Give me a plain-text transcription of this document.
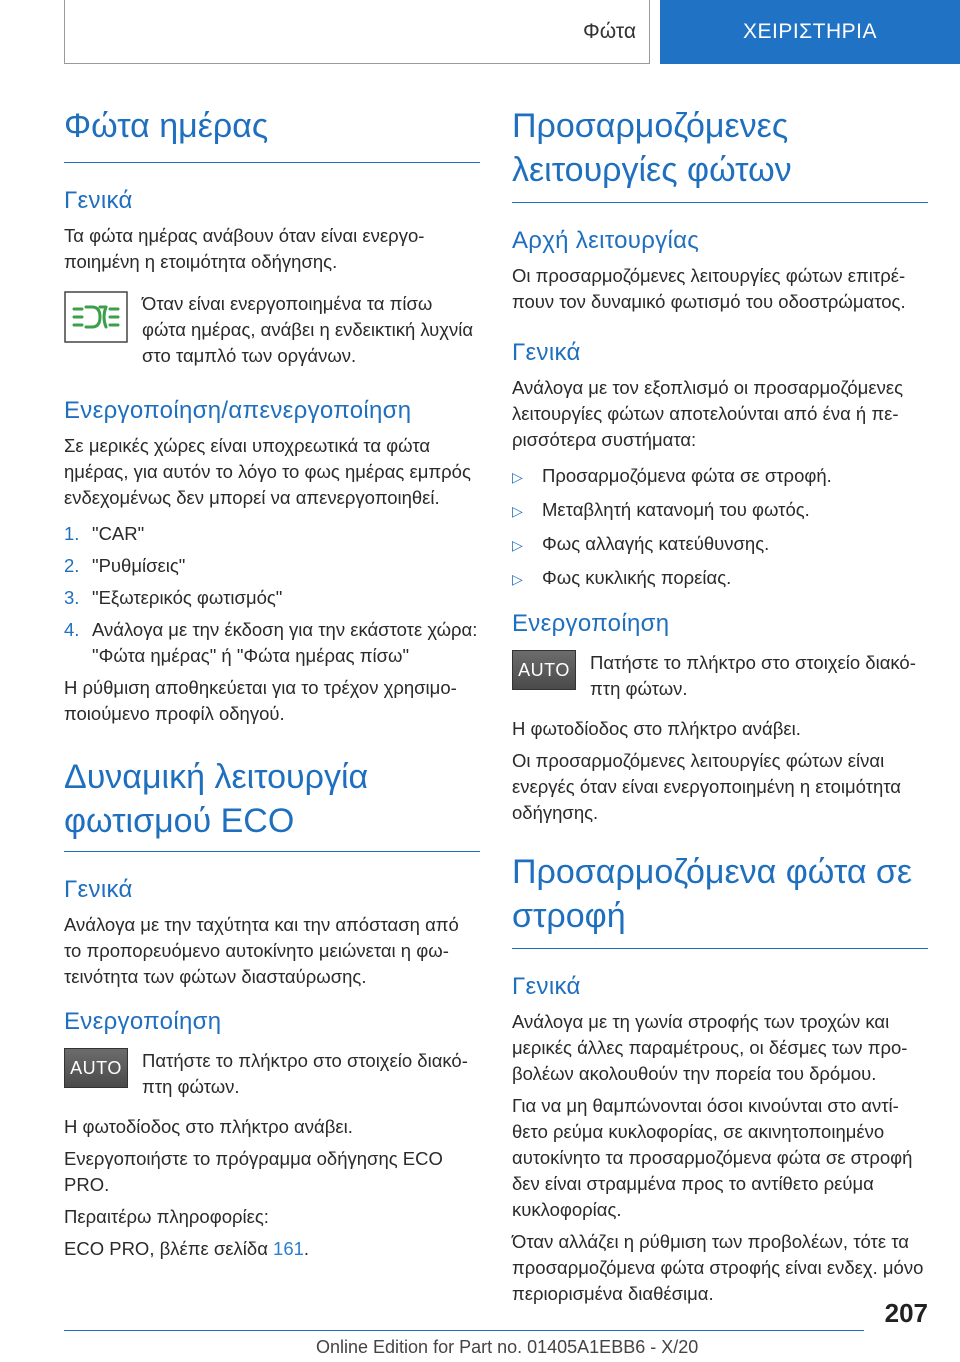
Φώτα	ΧΕΙΡΙΣΤΗΡΙΑ
Φώτα ημέρας
Γενικά

Τα φώτα ημέρας ανάβουν όταν είναι ενεργοποιημένη η ετοιμότητα οδήγησης.

Όταν είναι ενεργοποιημένα τα πίσω φώτα ημέρας, ανάβει η ενδεικτική λυχνία στο ταμπλό των οργάνων.

Ενεργοποίηση/απενεργοποίηση

Σε μερικές χώρες είναι υποχρεωτικά τα φώτα ημέρας, για αυτόν το λόγο το φως ημέρας εμπρός ενδεχομένως δεν μπορεί να απενεργοποιηθεί.

1. "CAR"
2. "Ρυθμίσεις"
3. "Εξωτερικός φωτισμός"
4. Ανάλογα με την έκδοση για την εκάστοτε χώρα: "Φώτα ημέρας" ή "Φώτα ημέρας πίσω"

Η ρύθμιση αποθηκεύεται για το τρέχον χρησιμοποιούμενο προφίλ οδηγού.

Δυναμική λειτουργία φωτισμού ECO
Γενικά

Ανάλογα με την ταχύτητα και την απόσταση από το προπορευόμενο αυτοκίνητο μειώνεται η φωτεινότητα των φώτων διασταύρωσης.

Ενεργοποίηση
AUTO	Πατήστε το πλήκτρο στο στοιχείο διακόπτη φώτων.

Η φωτοδίοδος στο πλήκτρο ανάβει.

Ενεργοποιήστε το πρόγραμμα οδήγησης ECO PRO.

Περαιτέρω πληροφορίες:

ECO PRO, βλέπε σελίδα 161.

Προσαρμοζόμενες λειτουργίες φώτων
Αρχή λειτουργίας

Οι προσαρμοζόμενες λειτουργίες φώτων επιτρέπουν τον δυναμικό φωτισμό του οδοστρώματος.

Γενικά

Ανάλογα με τον εξοπλισμό οι προσαρμοζόμενες λειτουργίες φώτων αποτελούνται από ένα ή περισσότερα συστήματα:

▷	Προσαρμοζόμενα φώτα σε στροφή.
▷	Μεταβλητή κατανομή του φωτός.
▷	Φως αλλαγής κατεύθυνσης.
▷	Φως κυκλικής πορείας.
Ενεργοποίηση
AUTO	Πατήστε το πλήκτρο στο στοιχείο διακόπτη φώτων.

Η φωτοδίοδος στο πλήκτρο ανάβει.

Οι προσαρμοζόμενες λειτουργίες φώτων είναι ενεργές όταν είναι ενεργοποιημένη η ετοιμότητα οδήγησης.

Προσαρμοζόμενα φώτα σε στροφή
Γενικά

Ανάλογα με τη γωνία στροφής των τροχών και μερικές άλλες παραμέτρους, οι δέσμες των προβολέων ακολουθούν την πορεία του δρόμου.

Για να μη θαμπώνονται όσοι κινούνται στο αντίθετο ρεύμα κυκλοφορίας, σε ακινητοποιημένο αυτοκίνητο τα προσαρμοζόμενα φώτα σε στροφή δεν είναι στραμμένα προς το αντίθετο ρεύμα κυκλοφορίας.

Όταν αλλάζει η ρύθμιση των προβολέων, τότε τα προσαρμοζόμενα φώτα στροφής είναι ενδεχ. μόνο περιορισμένα διαθέσιμα.

207
Online Edition for Part no. 01405A1EBB6 - X/20
